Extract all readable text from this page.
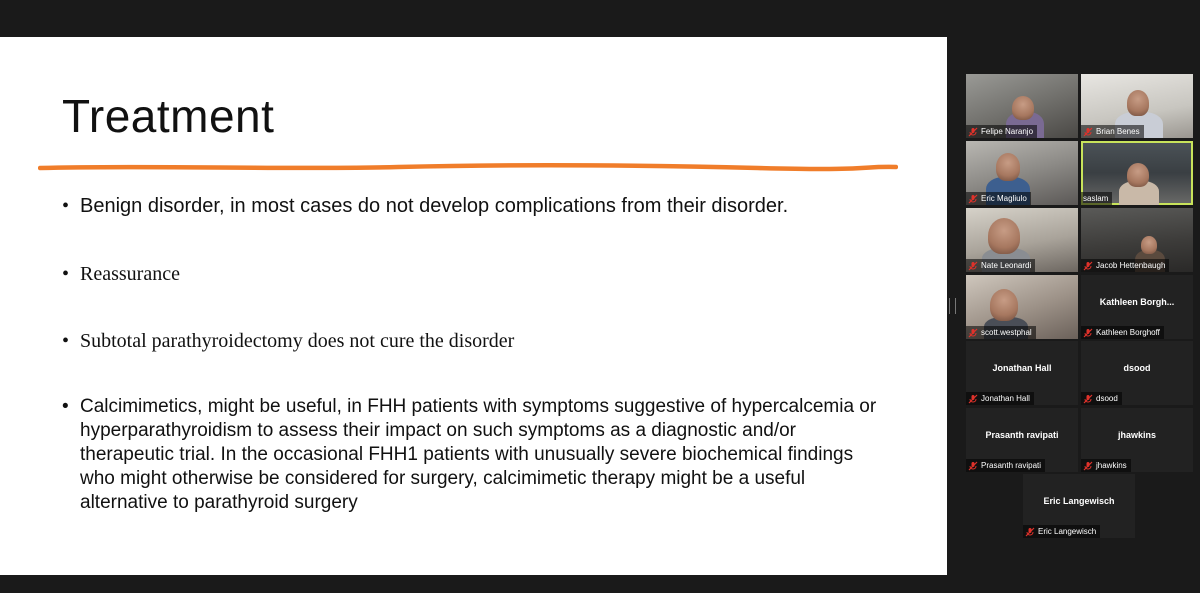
Treatment
• Benign disorder, in most cases do not develop complications from their disorder.
• Reassurance
• Subtotal parathyroidectomy does not cure the disorder
• Calcimimetics, might be useful, in FHH patients with symptoms suggestive of hypercalcemia or hyperparathyroidism to assess their impact on such symptoms as a diagnostic and/or therapeutic trial. In the occasional FHH1 patients with unusually severe biochemical findings who might otherwise be considered for surgery, calcimimetic therapy might be a useful alternative to parathyroid surgery
Felipe Naranjo	Brian Benes
Eric Magliulo	saslam
Nate Leonardi	Jacob Hettenbaugh
scott.westphal
Kathleen Borgh...
Kathleen Borghoff
Jonathan Hall
Jonathan Hall
dsood
dsood
Prasanth ravipati
Prasanth ravipati
jhawkins
jhawkins
Eric Langewisch
Eric Langewisch
